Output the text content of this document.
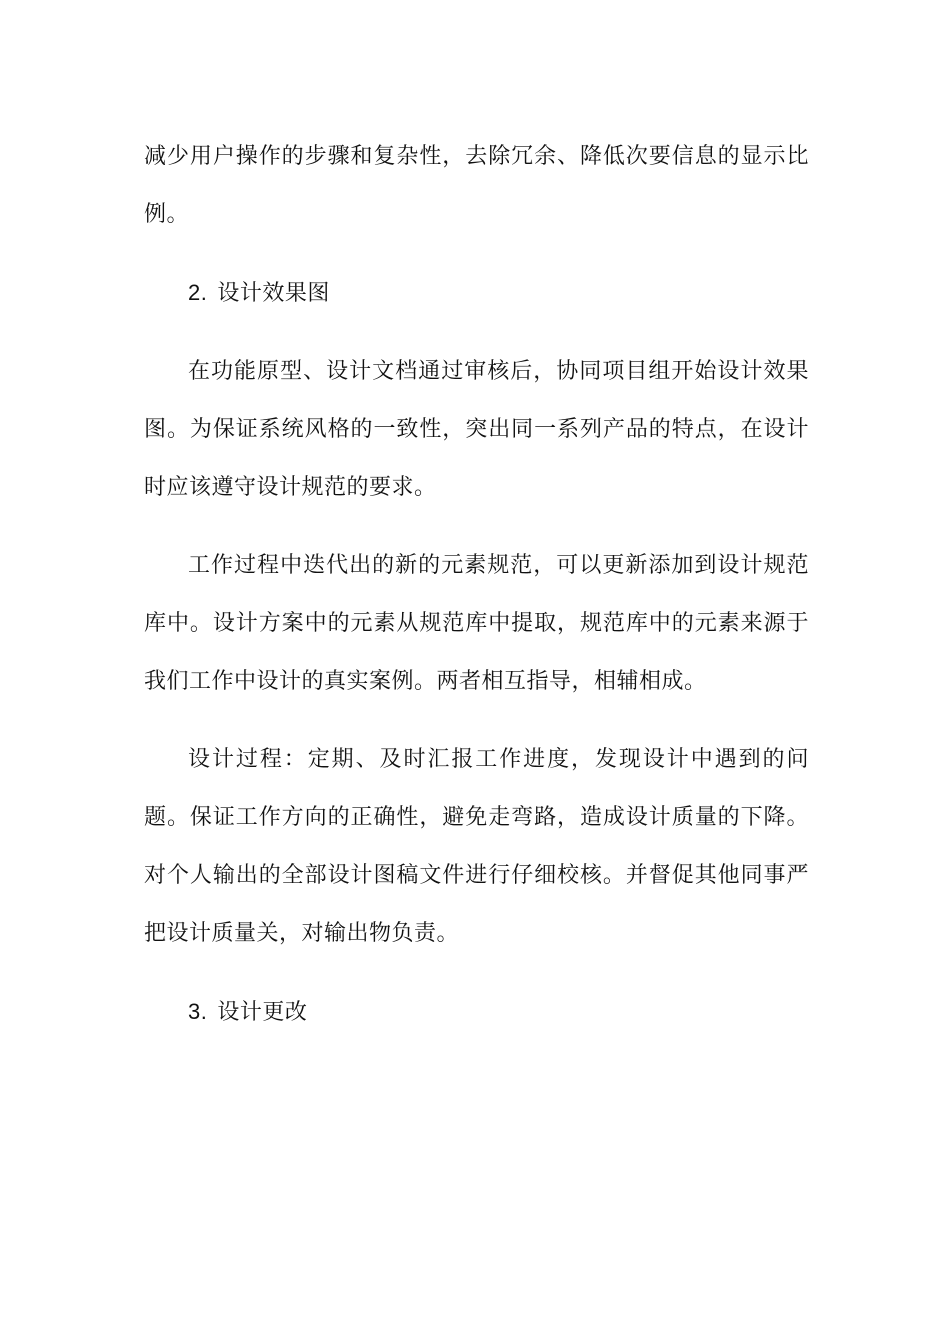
减少用户操作的步骤和复杂性，去除冗余、降低次要信息的显示比例。

2. 设计效果图

在功能原型、设计文档通过审核后，协同项目组开始设计效果图。为保证系统风格的一致性，突出同一系列产品的特点，在设计时应该遵守设计规范的要求。

工作过程中迭代出的新的元素规范，可以更新添加到设计规范库中。设计方案中的元素从规范库中提取，规范库中的元素来源于我们工作中设计的真实案例。两者相互指导，相辅相成。

设计过程：定期、及时汇报工作进度，发现设计中遇到的问题。保证工作方向的正确性，避免走弯路，造成设计质量的下降。对个人输出的全部设计图稿文件进行仔细校核。并督促其他同事严把设计质量关，对输出物负责。

3. 设计更改
